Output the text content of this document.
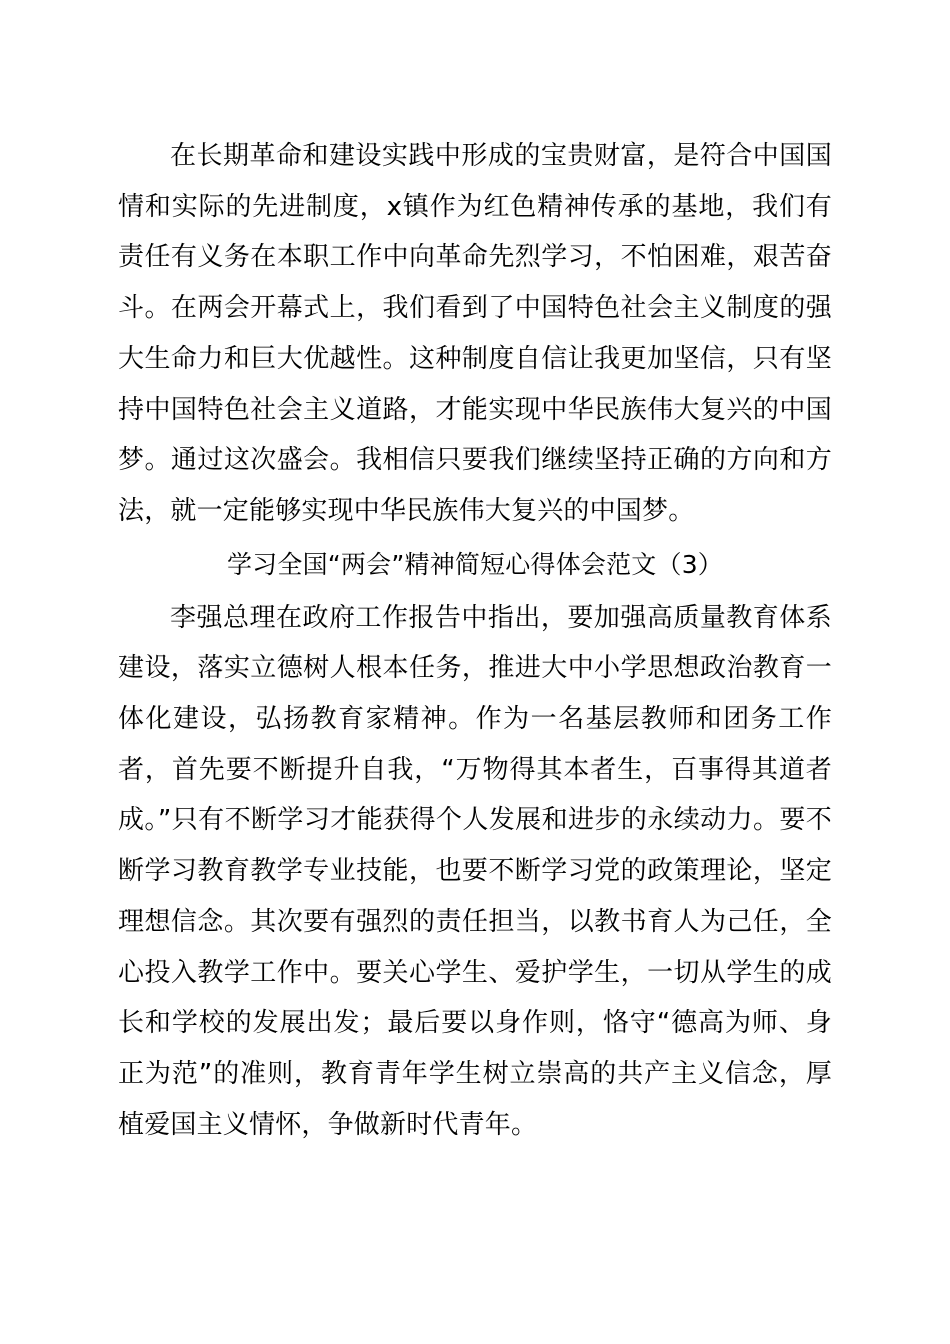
在长期革命和建设实践中形成的宝贵财富，是符合中国国情和实际的先进制度，x镇作为红色精神传承的基地，我们有责任有义务在本职工作中向革命先烈学习，不怕困难，艰苦奋斗。在两会开幕式上，我们看到了中国特色社会主义制度的强大生命力和巨大优越性。这种制度自信让我更加坚信，只有坚持中国特色社会主义道路，才能实现中华民族伟大复兴的中国梦。通过这次盛会。我相信只要我们继续坚持正确的方向和方法，就一定能够实现中华民族伟大复兴的中国梦。

学习全国“两会”精神简短心得体会范文（3）

李强总理在政府工作报告中指出，要加强高质量教育体系建设，落实立德树人根本任务，推进大中小学思想政治教育一体化建设，弘扬教育家精神。作为一名基层教师和团务工作者，首先要不断提升自我，“万物得其本者生，百事得其道者成。”只有不断学习才能获得个人发展和进步的永续动力。要不断学习教育教学专业技能，也要不断学习党的政策理论，坚定理想信念。其次要有强烈的责任担当，以教书育人为己任，全心投入教学工作中。要关心学生、爱护学生，一切从学生的成长和学校的发展出发；最后要以身作则，恪守“德高为师、身正为范”的准则，教育青年学生树立崇高的共产主义信念，厚植爱国主义情怀，争做新时代青年。
